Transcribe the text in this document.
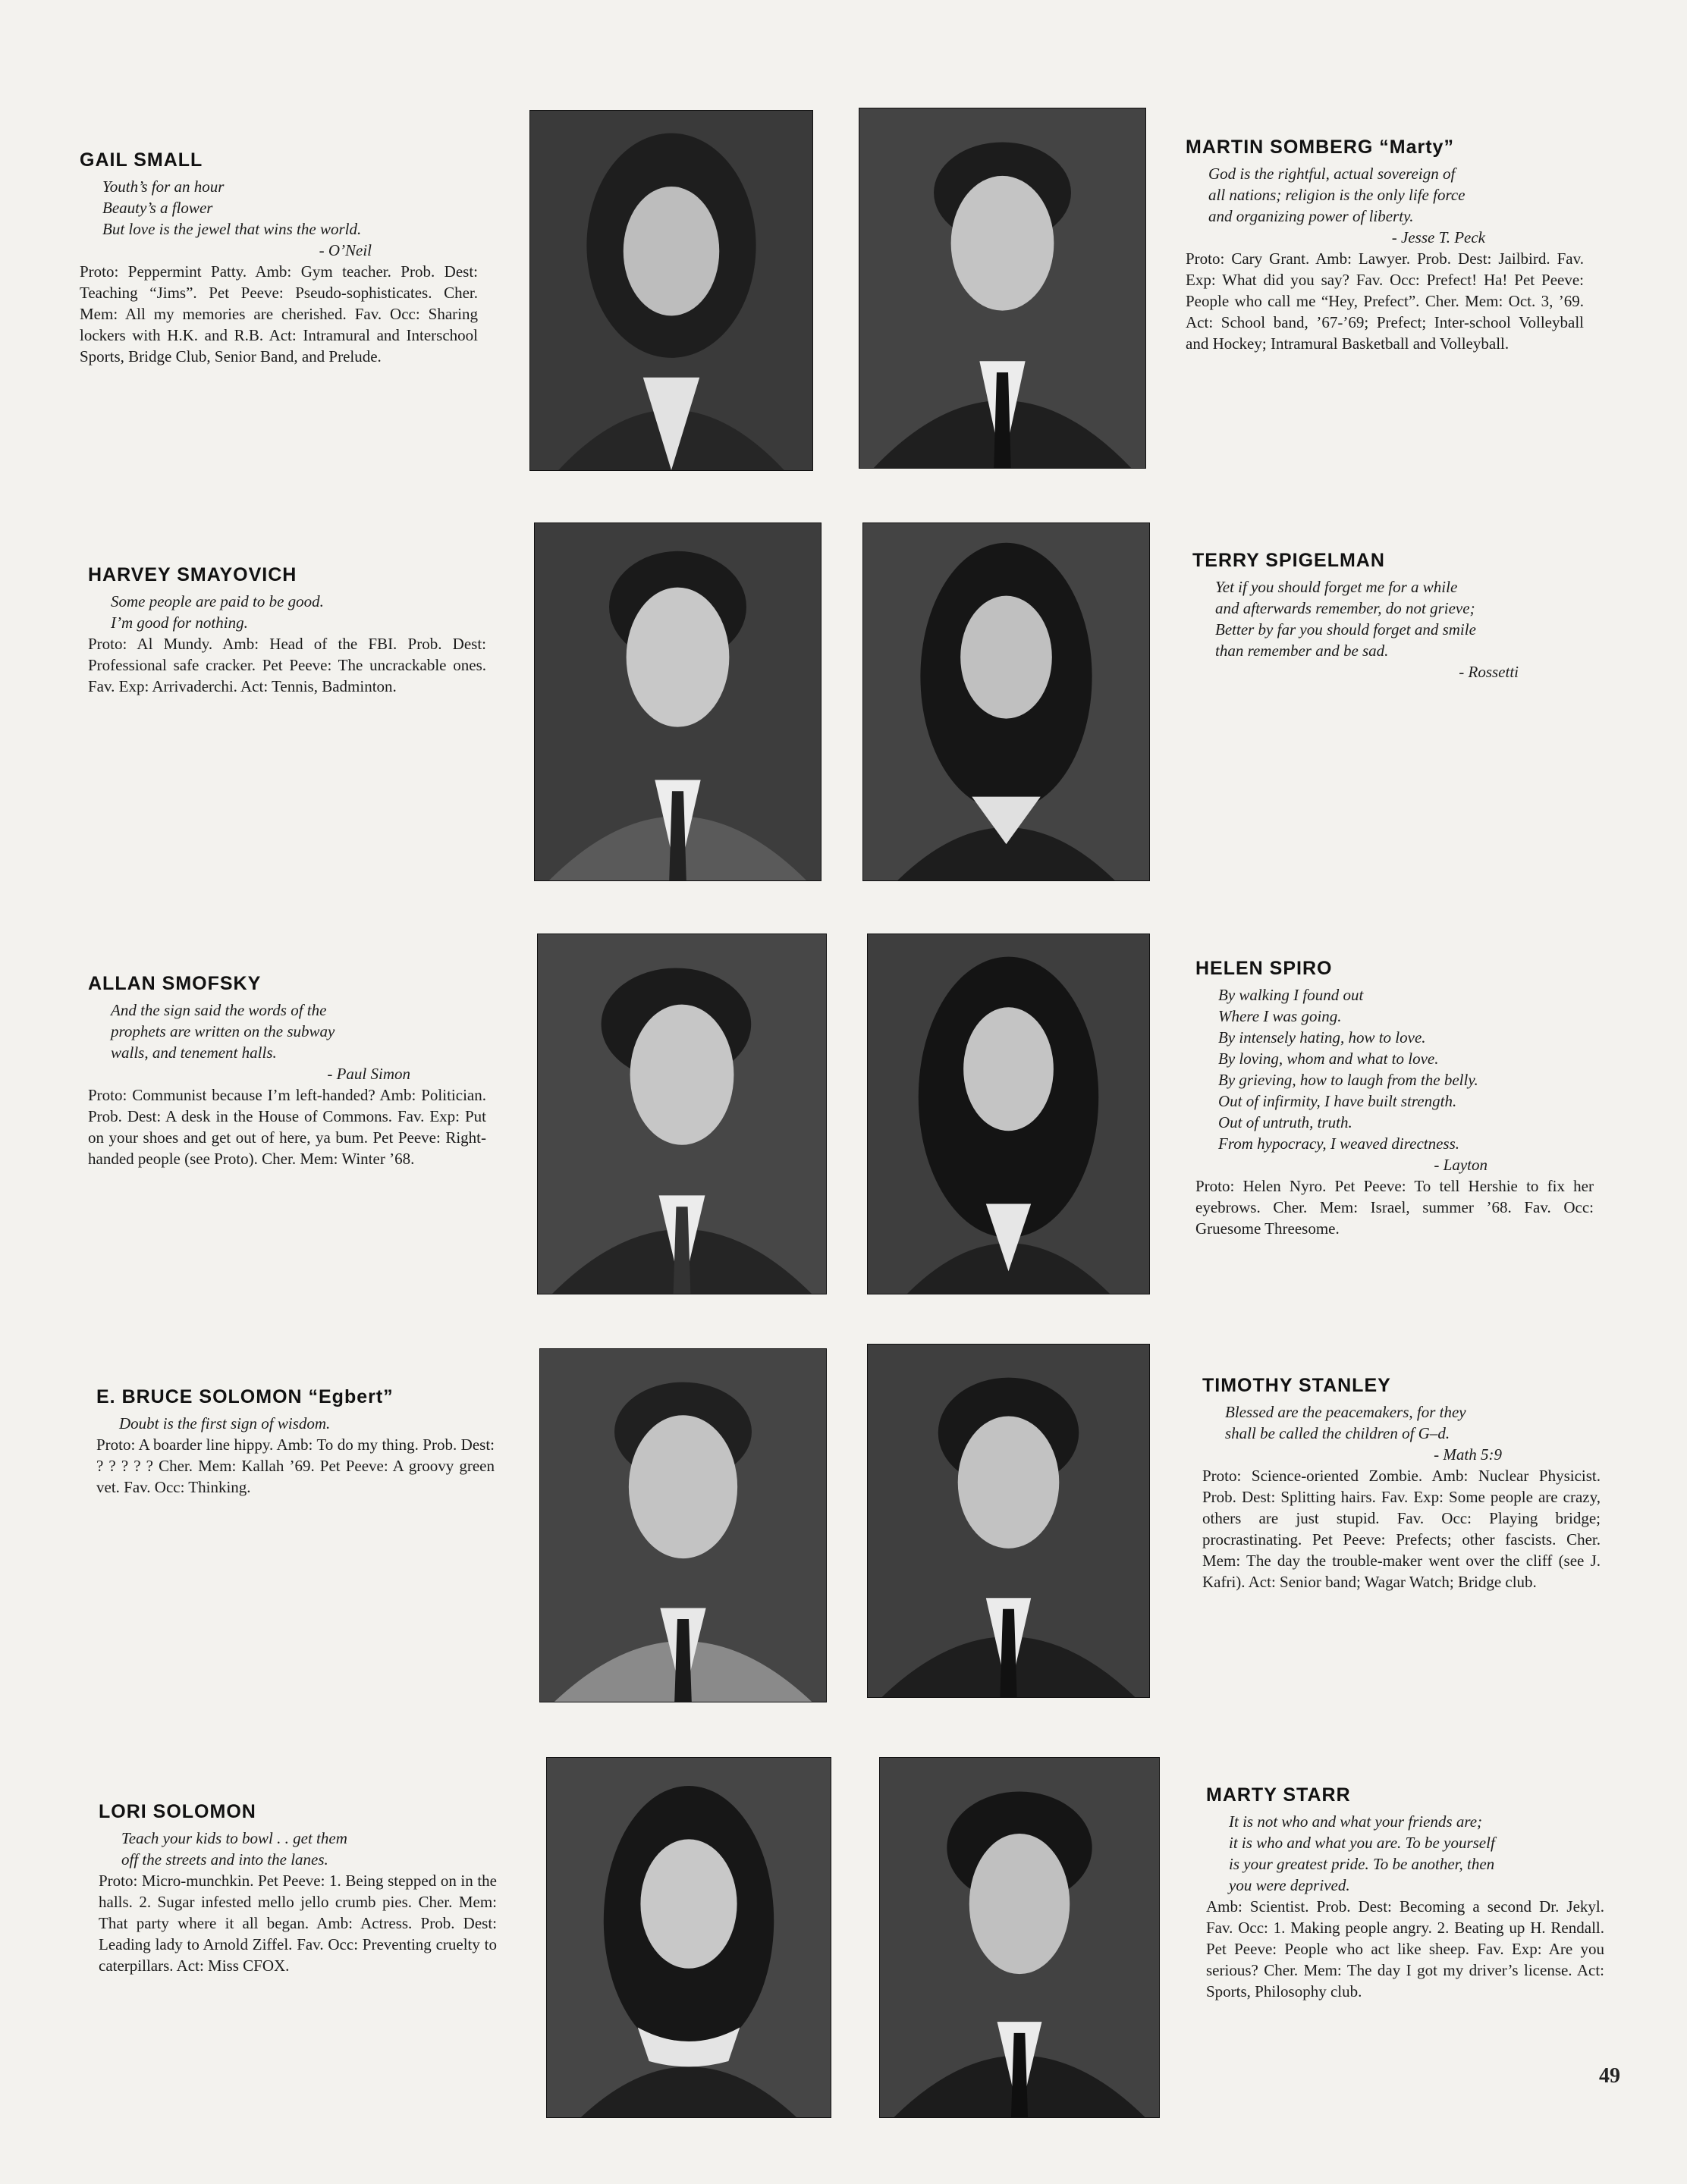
GAIL SMALL
Youth’s for an hour
Beauty’s a flower
But love is the jewel that wins the world.
- O’Neil
Proto: Peppermint Patty. Amb: Gym teacher. Prob. Dest: Teaching “Jims”. Pet Peeve: Pseudo-sophisticates. Cher. Mem: All my memories are cherished. Fav. Occ: Sharing lockers with H.K. and R.B. Act: Intramural and Interschool Sports, Bridge Club, Senior Band, and Prelude.
MARTIN SOMBERG “Marty”
God is the rightful, actual sovereign of
all nations; religion is the only life force
and organizing power of liberty.
- Jesse T. Peck
Proto: Cary Grant. Amb: Lawyer. Prob. Dest: Jailbird. Fav. Exp: What did you say? Fav. Occ: Prefect! Ha! Pet Peeve: People who call me “Hey, Prefect”. Cher. Mem: Oct. 3, ’69. Act: School band, ’67-’69; Prefect; Inter-school Volleyball and Hockey; Intramural Basketball and Volleyball.
HARVEY SMAYOVICH
Some people are paid to be good.
I’m good for nothing.
Proto: Al Mundy. Amb: Head of the FBI. Prob. Dest: Professional safe cracker. Pet Peeve: The uncrackable ones. Fav. Exp: Arrivaderchi. Act: Tennis, Badminton.
TERRY SPIGELMAN
Yet if you should forget me for a while
and afterwards remember, do not grieve;
Better by far you should forget and smile
than remember and be sad.
- Rossetti
ALLAN SMOFSKY
And the sign said the words of the
prophets are written on the subway
walls, and tenement halls.
- Paul Simon
Proto: Communist because I’m left-handed? Amb: Politician. Prob. Dest: A desk in the House of Commons. Fav. Exp: Put on your shoes and get out of here, ya bum. Pet Peeve: Right-handed people (see Proto). Cher. Mem: Winter ’68.
HELEN SPIRO
By walking I found out
Where I was going.
By intensely hating, how to love.
By loving, whom and what to love.
By grieving, how to laugh from the belly.
Out of infirmity, I have built strength.
Out of untruth, truth.
From hypocracy, I weaved directness.
- Layton
Proto: Helen Nyro. Pet Peeve: To tell Hershie to fix her eyebrows. Cher. Mem: Israel, summer ’68. Fav. Occ: Gruesome Threesome.
E. BRUCE SOLOMON “Egbert”
Doubt is the first sign of wisdom.
Proto: A boarder line hippy. Amb: To do my thing. Prob. Dest: ? ? ? ? ? Cher. Mem: Kallah ’69. Pet Peeve: A groovy green vet. Fav. Occ: Thinking.
TIMOTHY STANLEY
Blessed are the peacemakers, for they
shall be called the children of G–d.
- Math 5:9
Proto: Science-oriented Zombie. Amb: Nuclear Physicist. Prob. Dest: Splitting hairs. Fav. Exp: Some people are crazy, others are just stupid. Fav. Occ: Playing bridge; procrastinating. Pet Peeve: Prefects; other fascists. Cher. Mem: The day the trouble-maker went over the cliff (see J. Kafri). Act: Senior band; Wagar Watch; Bridge club.
LORI SOLOMON
Teach your kids to bowl . . get them
off the streets and into the lanes.
Proto: Micro-munchkin. Pet Peeve: 1. Being stepped on in the halls. 2. Sugar infested mello jello crumb pies. Cher. Mem: That party where it all began. Amb: Actress. Prob. Dest: Leading lady to Arnold Ziffel. Fav. Occ: Preventing cruelty to caterpillars. Act: Miss CFOX.
MARTY STARR
It is not who and what your friends are;
it is who and what you are. To be yourself
is your greatest pride. To be another, then
you were deprived.
Amb: Scientist. Prob. Dest: Becoming a second Dr. Jekyl. Fav. Occ: 1. Making people angry. 2. Beating up H. Rendall. Pet Peeve: People who act like sheep. Fav. Exp: Are you serious? Cher. Mem: The day I got my driver’s license. Act: Sports, Philosophy club.
49
